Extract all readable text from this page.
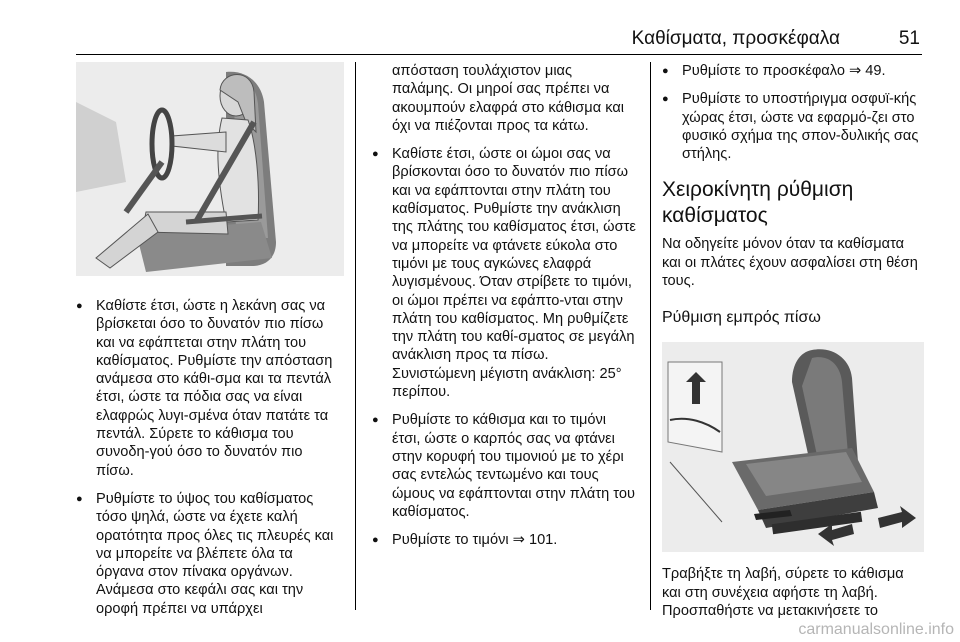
Καθίσματα, προσκέφαλα	51
● Καθίστε έτσι, ώστε η λεκάνη σας να βρίσκεται όσο το δυνατόν πιο πίσω και να εφάπτεται στην πλάτη του καθίσματος. Ρυθμίστε την απόσταση ανάμεσα στο κάθι-σμα και τα πεντάλ έτσι, ώστε τα πόδια σας να είναι ελαφρώς λυγι-σμένα όταν πατάτε τα πεντάλ. Σύρετε το κάθισμα του συνοδη-γού όσο το δυνατόν πιο πίσω.
● Ρυθμίστε το ύψος του καθίσματος τόσο ψηλά, ώστε να έχετε καλή ορατότητα προς όλες τις πλευρές και να μπορείτε να βλέπετε όλα τα όργανα στον πίνακα οργάνων. Ανάμεσα στο κεφάλι σας και την οροφή πρέπει να υπάρχει

απόσταση τουλάχιστον μιας παλάμης. Οι μηροί σας πρέπει να ακουμπούν ελαφρά στο κάθισμα και όχι να πιέζονται προς τα κάτω.

● Καθίστε έτσι, ώστε οι ώμοι σας να βρίσκονται όσο το δυνατόν πιο πίσω και να εφάπτονται στην πλάτη του καθίσματος. Ρυθμίστε την ανάκλιση της πλάτης του καθίσματος έτσι, ώστε να μπορείτε να φτάνετε εύκολα στο τιμόνι με τους αγκώνες ελαφρά λυγισμένους. Όταν στρίβετε το τιμόνι, οι ώμοι πρέπει να εφάπτο-νται στην πλάτη του καθίσματος. Μη ρυθμίζετε την πλάτη του καθί-σματος σε μεγάλη ανάκλιση προς τα πίσω. Συνιστώμενη μέγιστη ανάκλιση: 25° περίπου.
● Ρυθμίστε το κάθισμα και το τιμόνι έτσι, ώστε ο καρπός σας να φτάνει στην κορυφή του τιμονιού με το χέρι σας εντελώς τεντωμένο και τους ώμους να εφάπτονται στην πλάτη του καθίσματος.
● Ρυθμίστε το τιμόνι ⇒ 101.
● Ρυθμίστε το προσκέφαλο ⇒ 49.
● Ρυθμίστε το υποστήριγμα οσφυϊ-κής χώρας έτσι, ώστε να εφαρμό-ζει στο φυσικό σχήμα της σπον-δυλικής σας στήλης.
Χειροκίνητη ρύθμιση καθίσματος

Να οδηγείτε μόνον όταν τα καθίσματα και οι πλάτες έχουν ασφαλίσει στη θέση τους.

Ρύθμιση εμπρός πίσω

Τραβήξτε τη λαβή, σύρετε το κάθισμα και στη συνέχεια αφήστε τη λαβή. Προσπαθήστε να μετακινήσετε το

carmanualsonline.info
